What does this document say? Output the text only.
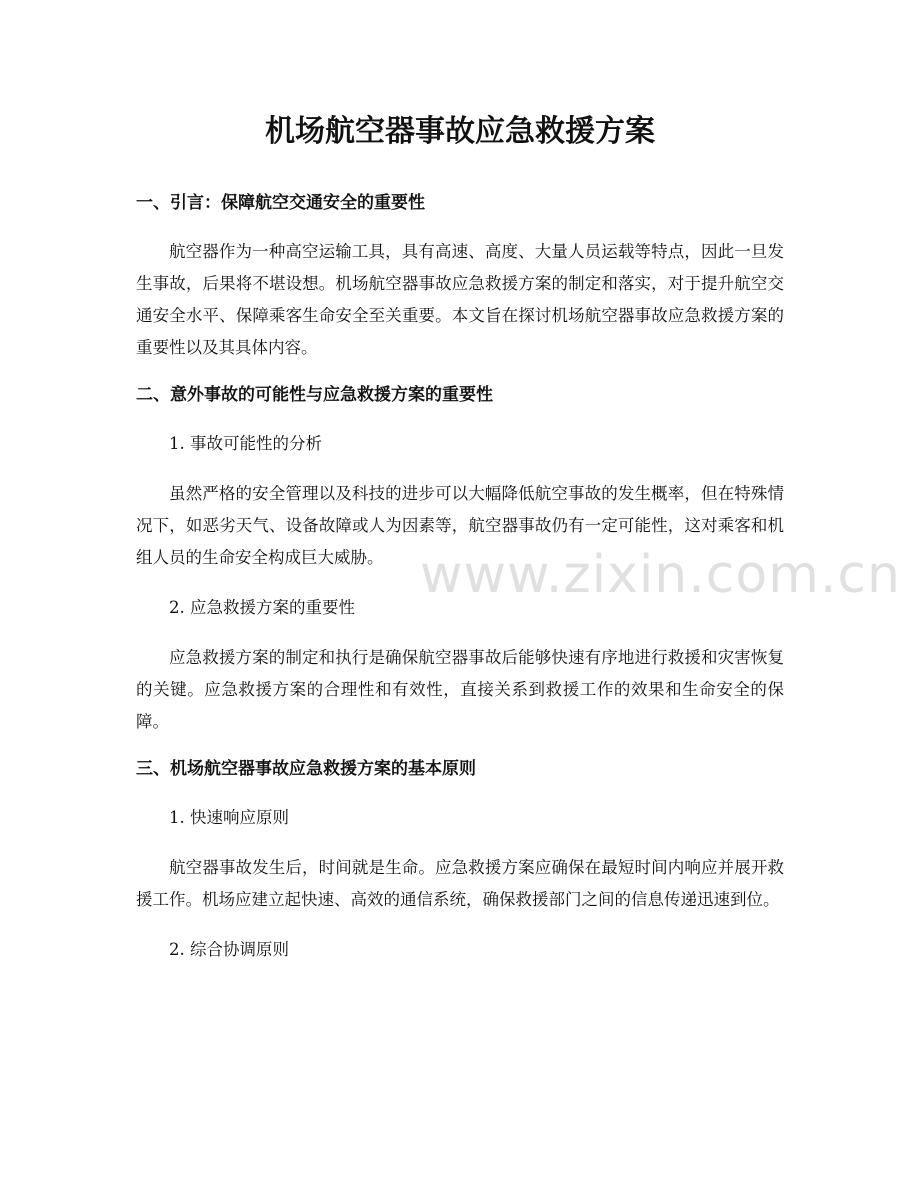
机场航空器事故应急救援方案
一、引言：保障航空交通安全的重要性

航空器作为一种高空运输工具，具有高速、高度、大量人员运载等特点，因此一旦发生事故，后果将不堪设想。机场航空器事故应急救援方案的制定和落实，对于提升航空交通安全水平、保障乘客生命安全至关重要。本文旨在探讨机场航空器事故应急救援方案的重要性以及其具体内容。

二、意外事故的可能性与应急救援方案的重要性

1. 事故可能性的分析

虽然严格的安全管理以及科技的进步可以大幅降低航空事故的发生概率，但在特殊情况下，如恶劣天气、设备故障或人为因素等，航空器事故仍有一定可能性，这对乘客和机组人员的生命安全构成巨大威胁。

2. 应急救援方案的重要性

应急救援方案的制定和执行是确保航空器事故后能够快速有序地进行救援和灾害恢复的关键。应急救援方案的合理性和有效性，直接关系到救援工作的效果和生命安全的保障。

三、机场航空器事故应急救援方案的基本原则

1. 快速响应原则

航空器事故发生后，时间就是生命。应急救援方案应确保在最短时间内响应并展开救援工作。机场应建立起快速、高效的通信系统，确保救援部门之间的信息传递迅速到位。

2. 综合协调原则

www.zixin.com.cn
